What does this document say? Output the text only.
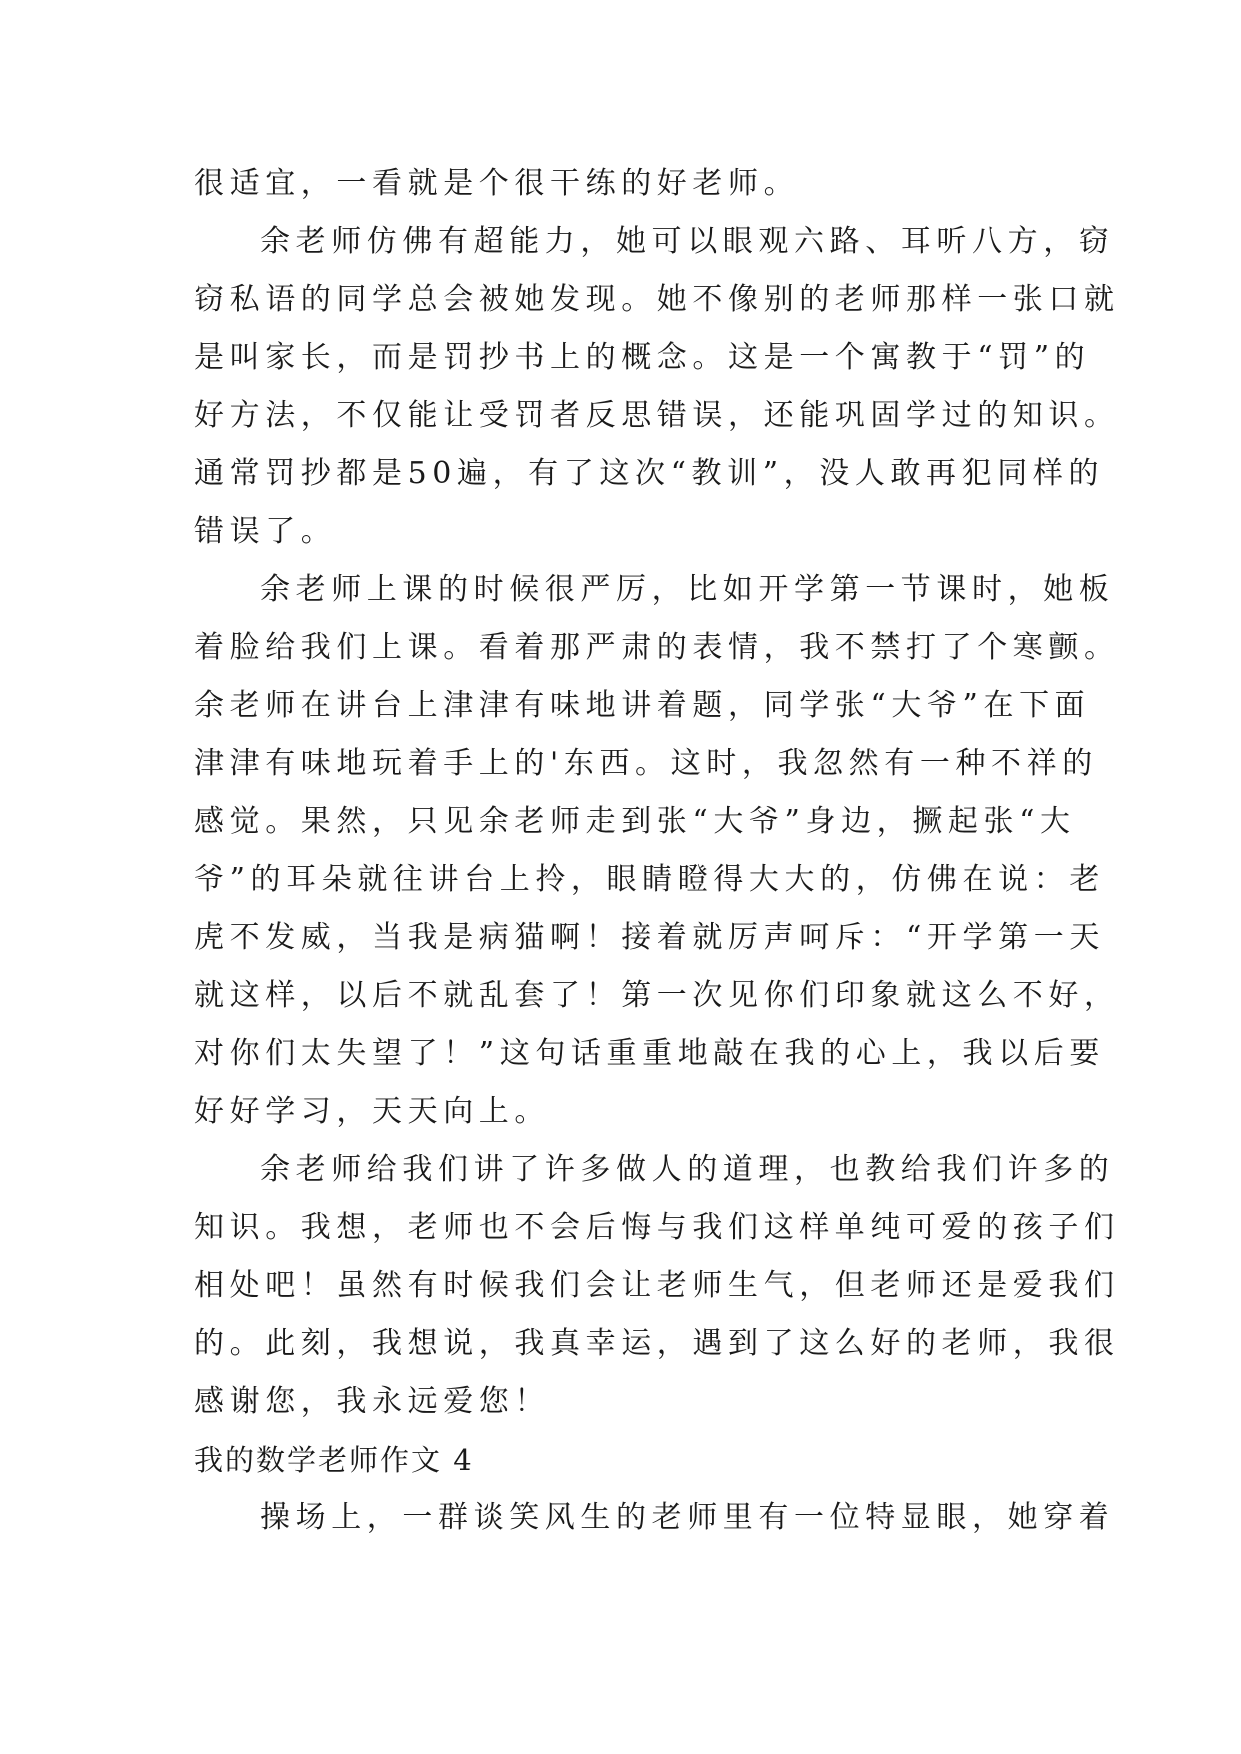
很适宜，一看就是个很干练的好老师。
余老师仿佛有超能力，她可以眼观六路、耳听八方，窃
窃私语的同学总会被她发现。她不像别的老师那样一张口就
是叫家长，而是罚抄书上的概念。这是一个寓教于“罚”的
好方法，不仅能让受罚者反思错误，还能巩固学过的知识。
通常罚抄都是50遍，有了这次“教训”，没人敢再犯同样的
错误了。
余老师上课的时候很严厉，比如开学第一节课时，她板
着脸给我们上课。看着那严肃的表情，我不禁打了个寒颤。
余老师在讲台上津津有味地讲着题，同学张“大爷”在下面
津津有味地玩着手上的'东西。这时，我忽然有一种不祥的
感觉。果然，只见余老师走到张“大爷”身边，撅起张“大
爷”的耳朵就往讲台上拎，眼睛瞪得大大的，仿佛在说：老
虎不发威，当我是病猫啊！接着就厉声呵斥：“开学第一天
就这样，以后不就乱套了！第一次见你们印象就这么不好，
对你们太失望了！”这句话重重地敲在我的心上，我以后要
好好学习，天天向上。
余老师给我们讲了许多做人的道理，也教给我们许多的
知识。我想，老师也不会后悔与我们这样单纯可爱的孩子们
相处吧！虽然有时候我们会让老师生气，但老师还是爱我们
的。此刻，我想说，我真幸运，遇到了这么好的老师，我很
感谢您，我永远爱您！
我的数学老师作文 4
操场上，一群谈笑风生的老师里有一位特显眼，她穿着
